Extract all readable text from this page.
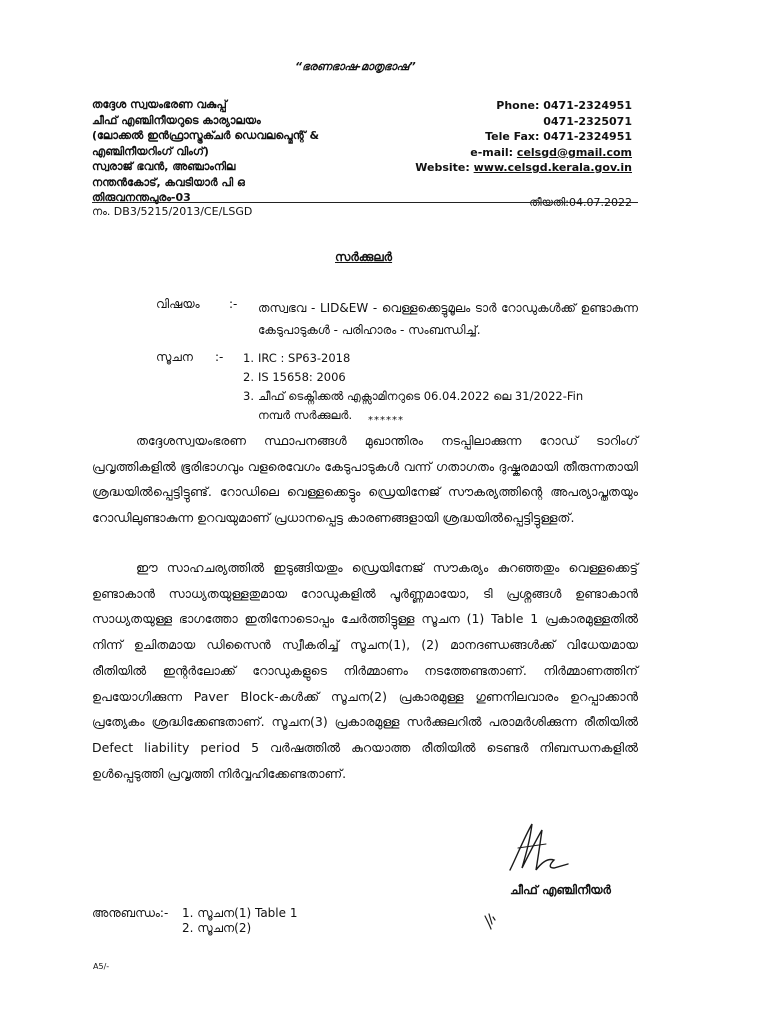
“ഭരണഭാഷ-മാതൃഭാഷ”
തദ്ദേശ സ്വയംഭരണ വകുപ്പ്
ചീഫ് എഞ്ചിനീയറുടെ കാര്യാലയം
(ലോക്കൽ ഇൻഫ്രാസ്ട്രക്ചർ ഡെവലപ്മെന്റ് &
എഞ്ചിനീയറിംഗ് വിംഗ്)
സ്വരാജ് ഭവൻ, അഞ്ചാംനില
നന്തൻകോട്, കവടിയാർ പി ഒ
തിരുവനന്തപുരം-03
Phone: 0471-2324951
0471-2325071
Tele Fax: 0471-2324951
e-mail: celsgd@gmail.com
Website: www.celsgd.kerala.gov.in
തീയതി:04.07.2022
നം. DB3/5215/2013/CE/LSGD
സർക്കുലർ
വിഷയം :- തസ്വഭവ - LID&EW - വെള്ളക്കെട്ടുമൂലം ടാർ റോഡുകൾക്ക് ഉണ്ടാകുന്ന കേടുപാടുകൾ - പരിഹാരം - സംബന്ധിച്ച്.
സൂചന :- 1. IRC : SP63-2018
2. IS 15658: 2006
3. ചീഫ് ടെക്നിക്കൽ എക്സാമിനറുടെ 06.04.2022 ലെ 31/2022-Fin
നമ്പർ സർക്കുലർ.	******
തദ്ദേശസ്വയംഭരണ സ്ഥാപനങ്ങൾ മുഖാന്തിരം നടപ്പിലാക്കുന്ന റോഡ് ടാറിംഗ് പ്രവൃത്തികളിൽ ഭൂരിഭാഗവും വളരെവേഗം കേടുപാടുകൾ വന്ന് ഗതാഗതം ദുഷ്കരമായി തീരുന്നതായി ശ്രദ്ധയിൽപ്പെട്ടിട്ടുണ്ട്. റോഡിലെ വെള്ളക്കെട്ടും ഡ്രെയിനേജ് സൗകര്യത്തിന്റെ അപര്യാപ്തതയും റോഡിലുണ്ടാകുന്ന ഉറവയുമാണ് പ്രധാനപ്പെട്ട കാരണങ്ങളായി ശ്രദ്ധയിൽപ്പെട്ടിട്ടുള്ളത്.
ഈ സാഹചര്യത്തിൽ ഇടുങ്ങിയതും ഡ്രെയിനേജ് സൗകര്യം കുറഞ്ഞതും വെള്ളക്കെട്ട് ഉണ്ടാകാൻ സാധ്യതയുള്ളതുമായ റോഡുകളിൽ പൂർണ്ണമായോ, ടി പ്രശ്നങ്ങൾ ഉണ്ടാകാൻ സാധ്യതയുള്ള ഭാഗത്തോ ഇതിനോടൊപ്പം ചേർത്തിട്ടുള്ള സൂചന (1) Table 1 പ്രകാരമുള്ളതിൽ നിന്ന് ഉചിതമായ ഡിസൈൻ സ്വീകരിച്ച് സൂചന(1), (2) മാനദണ്ഡങ്ങൾക്ക് വിധേയമായ രീതിയിൽ ഇന്റർലോക്ക് റോഡുകളുടെ നിർമ്മാണം നടത്തേണ്ടതാണ്. നിർമ്മാണത്തിന് ഉപയോഗിക്കുന്ന Paver Block-കൾക്ക് സൂചന(2) പ്രകാരമുള്ള ഗുണനിലവാരം ഉറപ്പാക്കാൻ പ്രത്യേകം ശ്രദ്ധിക്കേണ്ടതാണ്. സൂചന(3) പ്രകാരമുള്ള സർക്കുലറിൽ പരാമർശിക്കുന്ന രീതിയിൽ Defect liability period 5 വർഷത്തിൽ കുറയാത്ത രീതിയിൽ ടെണ്ടർ നിബന്ധനകളിൽ ഉൾപ്പെടുത്തി പ്രവൃത്തി നിർവ്വഹിക്കേണ്ടതാണ്.
ചീഫ് എഞ്ചിനീയർ
അനുബന്ധം:- 1. സൂചന(1) Table 1
2. സൂചന(2)
A5/-
